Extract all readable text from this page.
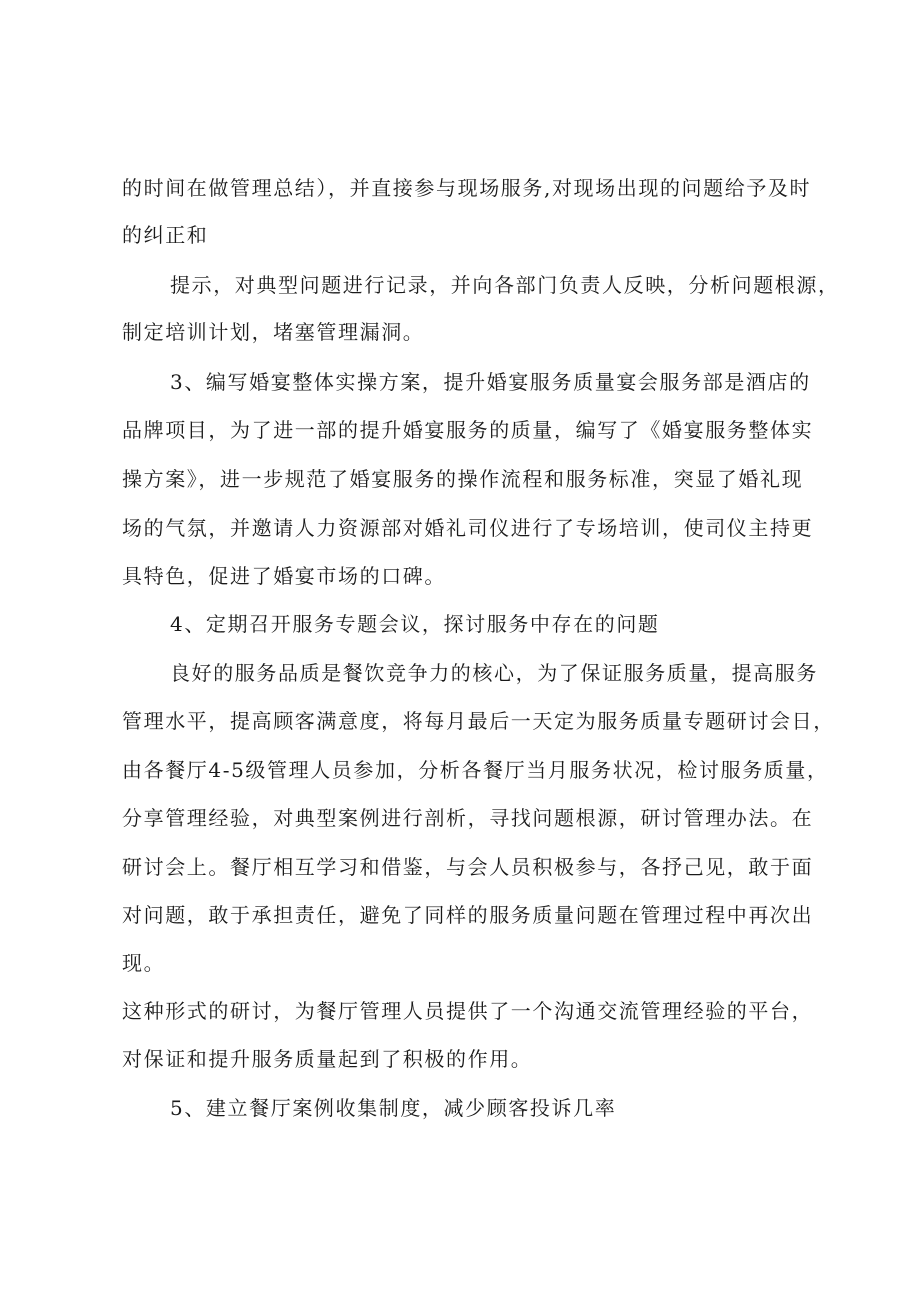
的时间在做管理总结），并直接参与现场服务,对现场出现的问题给予及时
的纠正和
提示，对典型问题进行记录，并向各部门负责人反映，分析问题根源，
制定培训计划，堵塞管理漏洞。
3、编写婚宴整体实操方案，提升婚宴服务质量宴会服务部是酒店的
品牌项目，为了进一部的提升婚宴服务的质量，编写了《婚宴服务整体实
操方案》，进一步规范了婚宴服务的操作流程和服务标准，突显了婚礼现
场的气氛，并邀请人力资源部对婚礼司仪进行了专场培训，使司仪主持更
具特色，促进了婚宴市场的口碑。
4、定期召开服务专题会议，探讨服务中存在的问题
良好的服务品质是餐饮竞争力的核心，为了保证服务质量，提高服务
管理水平，提高顾客满意度，将每月最后一天定为服务质量专题研讨会日，
由各餐厅4-5级管理人员参加，分析各餐厅当月服务状况，检讨服务质量，
分享管理经验，对典型案例进行剖析，寻找问题根源，研讨管理办法。在
研讨会上。餐厅相互学习和借鉴，与会人员积极参与，各抒己见，敢于面
对问题，敢于承担责任，避免了同样的服务质量问题在管理过程中再次出
现。
这种形式的研讨，为餐厅管理人员提供了一个沟通交流管理经验的平台，
对保证和提升服务质量起到了积极的作用。
5、建立餐厅案例收集制度，减少顾客投诉几率
